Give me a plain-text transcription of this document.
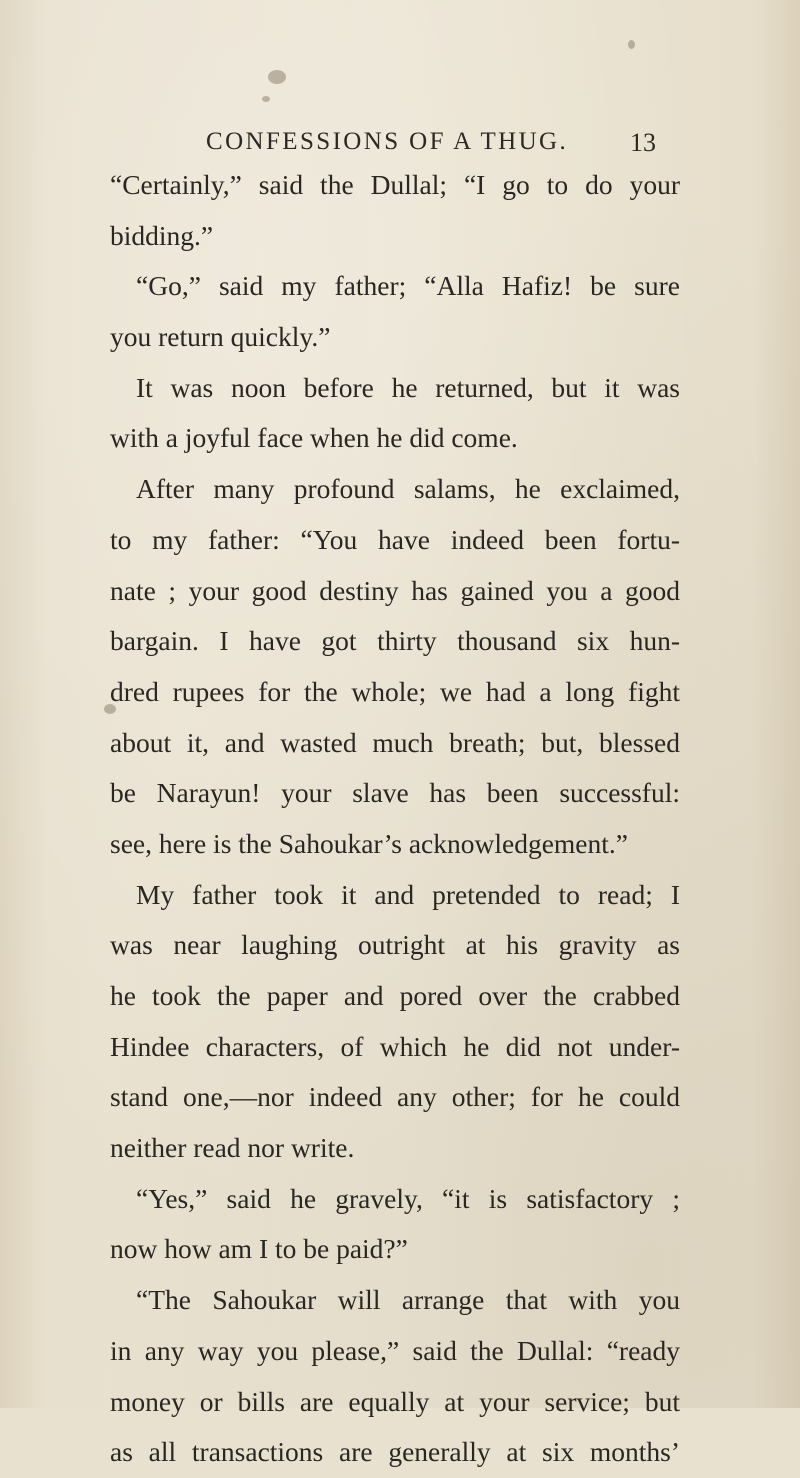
CONFESSIONS OF A THUG. 13
“Certainly,” said the Dullal; “I go to do your
bidding.”
“Go,” said my father; “Alla Hafiz! be sure
you return quickly.”
It was noon before he returned, but it was
with a joyful face when he did come.
After many profound salams, he exclaimed,
to my father: “You have indeed been fortu-
nate ; your good destiny has gained you a good
bargain. I have got thirty thousand six hun-
dred rupees for the whole; we had a long fight
about it, and wasted much breath; but, blessed
be Narayun! your slave has been successful:
see, here is the Sahoukar’s acknowledgement.”
My father took it and pretended to read; I
was near laughing outright at his gravity as
he took the paper and pored over the crabbed
Hindee characters, of which he did not under-
stand one,—nor indeed any other; for he could
neither read nor write.
“Yes,” said he gravely, “it is satisfactory ;
now how am I to be paid?”
“The Sahoukar will arrange that with you
in any way you please,” said the Dullal: “ready
money or bills are equally at your service; but
as all transactions are generally at six months’
